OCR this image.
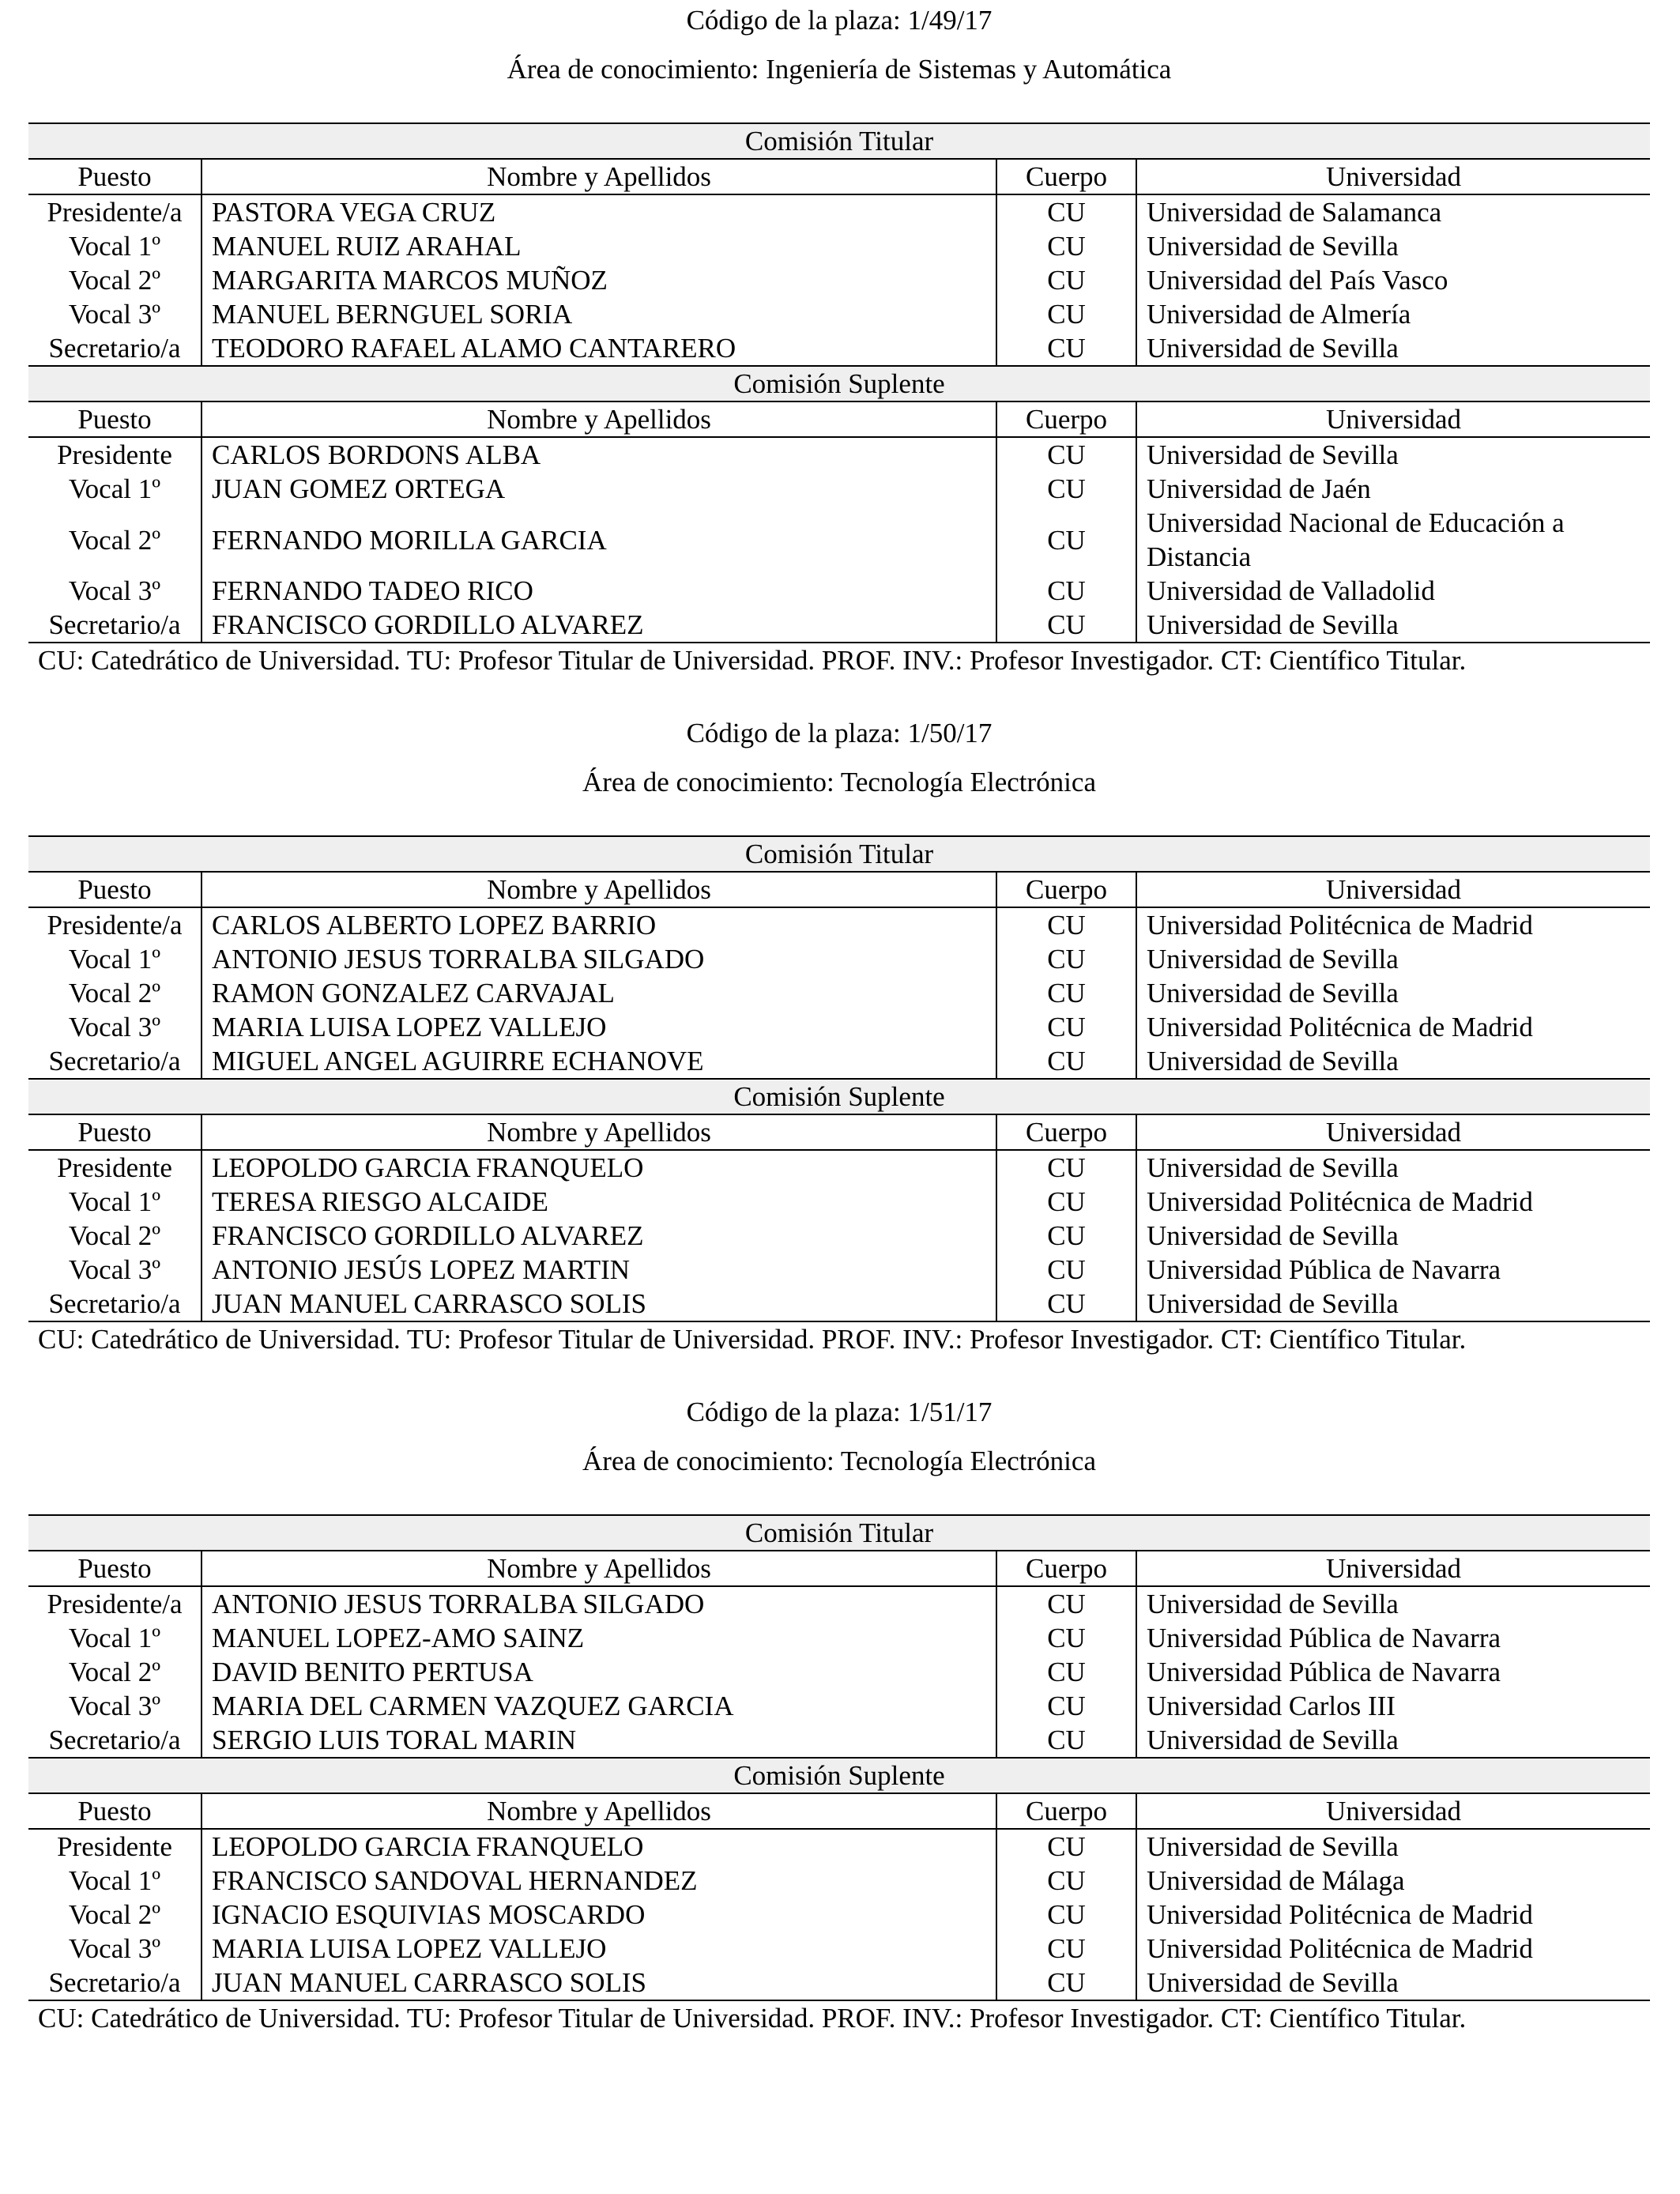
Código de la plaza: 1/49/17
Área de conocimiento: Ingeniería de Sistemas y Automática
Comisión Titular			
Puesto	Nombre y Apellidos	Cuerpo	Universidad
Presidente/a	PASTORA VEGA CRUZ	CU	Universidad de Salamanca
Vocal 1º	MANUEL RUIZ ARAHAL	CU	Universidad de Sevilla
Vocal 2º	MARGARITA MARCOS MUÑOZ	CU	Universidad del País Vasco
Vocal 3º	MANUEL BERNGUEL SORIA	CU	Universidad de Almería
Secretario/a	TEODORO RAFAEL ALAMO CANTARERO	CU	Universidad de Sevilla
Comisión Suplente			
Puesto	Nombre y Apellidos	Cuerpo	Universidad
Presidente	CARLOS BORDONS ALBA	CU	Universidad de Sevilla
Vocal 1º	JUAN GOMEZ ORTEGA	CU	Universidad de Jaén
Vocal 2º	FERNANDO MORILLA GARCIA	CU	Universidad Nacional de Educación a Distancia
Vocal 3º	FERNANDO TADEO RICO	CU	Universidad de Valladolid
Secretario/a	FRANCISCO GORDILLO ALVAREZ	CU	Universidad de Sevilla
CU: Catedrático de Universidad. TU: Profesor Titular de Universidad. PROF. INV.: Profesor Investigador. CT: Científico Titular.
Código de la plaza: 1/50/17
Área de conocimiento: Tecnología Electrónica
Comisión Titular			
Puesto	Nombre y Apellidos	Cuerpo	Universidad
Presidente/a	CARLOS ALBERTO LOPEZ BARRIO	CU	Universidad Politécnica de Madrid
Vocal 1º	ANTONIO JESUS TORRALBA SILGADO	CU	Universidad de Sevilla
Vocal 2º	RAMON GONZALEZ CARVAJAL	CU	Universidad de Sevilla
Vocal 3º	MARIA LUISA LOPEZ VALLEJO	CU	Universidad Politécnica de Madrid
Secretario/a	MIGUEL ANGEL AGUIRRE ECHANOVE	CU	Universidad de Sevilla
Comisión Suplente			
Puesto	Nombre y Apellidos	Cuerpo	Universidad
Presidente	LEOPOLDO GARCIA FRANQUELO	CU	Universidad de Sevilla
Vocal 1º	TERESA RIESGO ALCAIDE	CU	Universidad Politécnica de Madrid
Vocal 2º	FRANCISCO GORDILLO ALVAREZ	CU	Universidad de Sevilla
Vocal 3º	ANTONIO JESÚS LOPEZ MARTIN	CU	Universidad Pública de Navarra
Secretario/a	JUAN MANUEL CARRASCO SOLIS	CU	Universidad de Sevilla
CU: Catedrático de Universidad. TU: Profesor Titular de Universidad. PROF. INV.: Profesor Investigador. CT: Científico Titular.
Código de la plaza: 1/51/17
Área de conocimiento: Tecnología Electrónica
Comisión Titular			
Puesto	Nombre y Apellidos	Cuerpo	Universidad
Presidente/a	ANTONIO JESUS TORRALBA SILGADO	CU	Universidad de Sevilla
Vocal 1º	MANUEL LOPEZ-AMO SAINZ	CU	Universidad Pública de Navarra
Vocal 2º	DAVID BENITO PERTUSA	CU	Universidad Pública de Navarra
Vocal 3º	MARIA DEL CARMEN VAZQUEZ GARCIA	CU	Universidad Carlos III
Secretario/a	SERGIO LUIS TORAL MARIN	CU	Universidad de Sevilla
Comisión Suplente			
Puesto	Nombre y Apellidos	Cuerpo	Universidad
Presidente	LEOPOLDO GARCIA FRANQUELO	CU	Universidad de Sevilla
Vocal 1º	FRANCISCO SANDOVAL HERNANDEZ	CU	Universidad de Málaga
Vocal 2º	IGNACIO ESQUIVIAS MOSCARDO	CU	Universidad Politécnica de Madrid
Vocal 3º	MARIA LUISA LOPEZ VALLEJO	CU	Universidad Politécnica de Madrid
Secretario/a	JUAN MANUEL CARRASCO SOLIS	CU	Universidad de Sevilla
CU: Catedrático de Universidad. TU: Profesor Titular de Universidad. PROF. INV.: Profesor Investigador. CT: Científico Titular.
